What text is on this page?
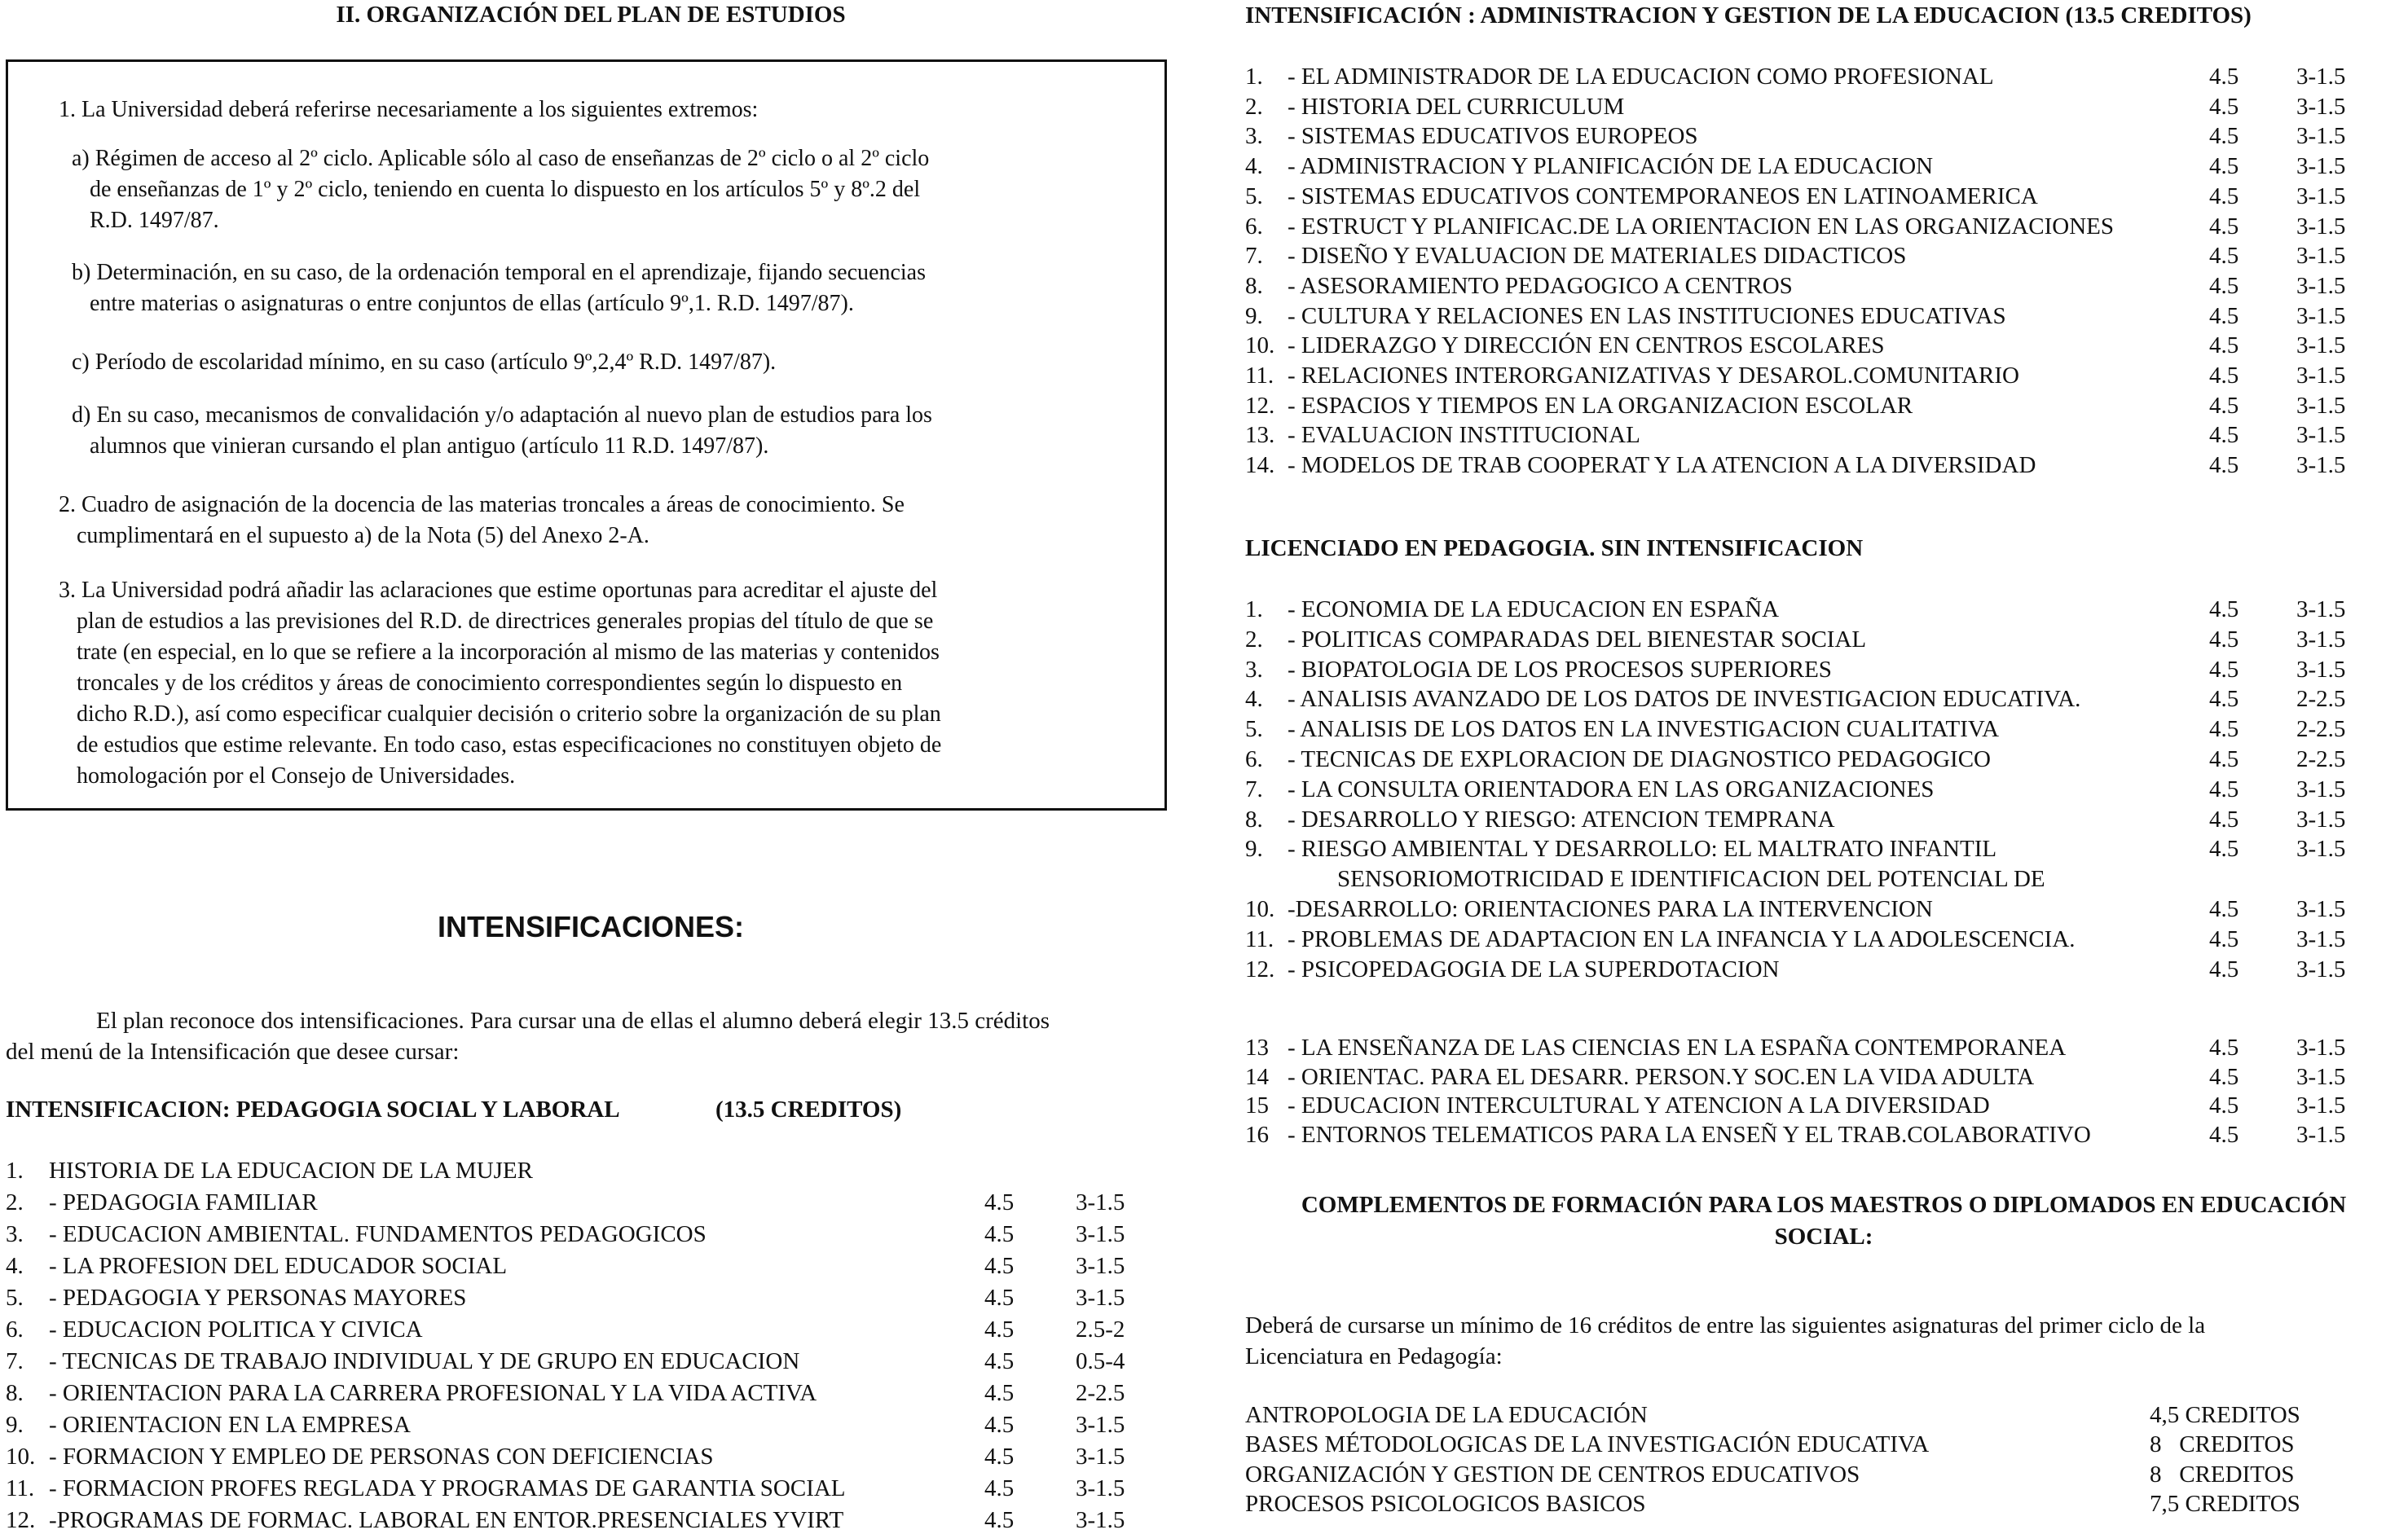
II. ORGANIZACIÓN DEL PLAN DE ESTUDIOS

1. La Universidad deberá referirse necesariamente a los siguientes extremos:

a) Régimen de acceso al 2º ciclo. Aplicable sólo al caso de enseñanzas de 2º ciclo o al 2º ciclo

de enseñanzas de 1º y 2º ciclo, teniendo en cuenta lo dispuesto en los artículos 5º y 8º.2 del

R.D. 1497/87.

b) Determinación, en su caso, de la ordenación temporal en el aprendizaje, fijando secuencias

entre materias o asignaturas o entre conjuntos de ellas (artículo 9º,1. R.D. 1497/87).

c) Período de escolaridad mínimo, en su caso (artículo 9º,2,4º R.D. 1497/87).

d) En su caso, mecanismos de convalidación y/o adaptación al nuevo plan de estudios para los

alumnos que vinieran cursando el plan antiguo (artículo 11 R.D. 1497/87).

2. Cuadro de asignación de la docencia de las materias troncales a áreas de conocimiento. Se

cumplimentará en el supuesto a) de la Nota (5) del Anexo 2-A.

3. La Universidad podrá añadir las aclaraciones que estime oportunas para acreditar el ajuste del

plan de estudios a las previsiones del R.D. de directrices generales propias del título de que se

trate (en especial, en lo que se refiere a la incorporación al mismo de las materias y contenidos

troncales y de los créditos y áreas de conocimiento correspondientes según lo dispuesto en

dicho R.D.), así como especificar cualquier decisión o criterio sobre la organización de su plan

de estudios que estime relevante. En todo caso, estas especificaciones no constituyen objeto de

homologación por el Consejo de Universidades.

INTENSIFICACIONES:
El plan reconoce dos intensificaciones. Para cursar una de ellas el alumno deberá elegir 13.5 créditos
del menú de la Intensificación que desee cursar:
INTENSIFICACION: PEDAGOGIA SOCIAL Y LABORAL	(13.5 CREDITOS)
1. HISTORIA DE LA EDUCACION DE LA MUJER
2. - PEDAGOGIA FAMILIAR	4.5	3-1.5
3. - EDUCACION AMBIENTAL. FUNDAMENTOS PEDAGOGICOS	4.5	3-1.5
4. - LA PROFESION DEL EDUCADOR SOCIAL	4.5	3-1.5
5. - PEDAGOGIA Y PERSONAS MAYORES	4.5	3-1.5
6. - EDUCACION POLITICA Y CIVICA	4.5	2.5-2
7. - TECNICAS DE TRABAJO INDIVIDUAL Y DE GRUPO EN EDUCACION	4.5	0.5-4
8. - ORIENTACION PARA LA CARRERA PROFESIONAL Y LA VIDA ACTIVA	4.5	2-2.5
9. - ORIENTACION EN LA EMPRESA	4.5	3-1.5
10. - FORMACION Y EMPLEO DE PERSONAS CON DEFICIENCIAS	4.5	3-1.5
11. - FORMACION PROFES REGLADA Y PROGRAMAS DE GARANTIA SOCIAL	4.5	3-1.5
12. -PROGRAMAS DE FORMAC. LABORAL EN ENTOR.PRESENCIALES YVIRT	4.5	3-1.5
INTENSIFICACIÓN : ADMINISTRACION Y GESTION DE LA EDUCACION (13.5 CREDITOS)
1. - EL ADMINISTRADOR DE LA EDUCACION COMO PROFESIONAL	4.5 3-1.5
2. - HISTORIA DEL CURRICULUM	4.5 3-1.5
3. - SISTEMAS EDUCATIVOS EUROPEOS	4.5 3-1.5
4. - ADMINISTRACION Y PLANIFICACIÓN DE LA EDUCACION	4.5 3-1.5
5. - SISTEMAS EDUCATIVOS CONTEMPORANEOS EN LATINOAMERICA	4.5 3-1.5
6. - ESTRUCT Y PLANIFICAC.DE LA ORIENTACION EN LAS ORGANIZACIONES	4.5 3-1.5
7. - DISEÑO Y EVALUACION DE MATERIALES DIDACTICOS	4.5 3-1.5
8. - ASESORAMIENTO PEDAGOGICO A CENTROS	4.5 3-1.5
9. - CULTURA Y RELACIONES EN LAS INSTITUCIONES EDUCATIVAS	4.5 3-1.5
10. - LIDERAZGO Y DIRECCIÓN EN CENTROS ESCOLARES	4.5 3-1.5
11. - RELACIONES INTERORGANIZATIVAS Y DESAROL.COMUNITARIO	4.5 3-1.5
12. - ESPACIOS Y TIEMPOS EN LA ORGANIZACION ESCOLAR	4.5 3-1.5
13. - EVALUACION INSTITUCIONAL	4.5 3-1.5
14. - MODELOS DE TRAB COOPERAT Y LA ATENCION A LA DIVERSIDAD	4.5 3-1.5
LICENCIADO EN PEDAGOGIA. SIN INTENSIFICACION
1. - ECONOMIA DE LA EDUCACION EN ESPAÑA	4.5 3-1.5
2. - POLITICAS COMPARADAS DEL BIENESTAR SOCIAL	4.5 3-1.5
3. - BIOPATOLOGIA DE LOS PROCESOS SUPERIORES	4.5 3-1.5
4. - ANALISIS AVANZADO DE LOS DATOS DE INVESTIGACION EDUCATIVA.	4.5 2-2.5
5. - ANALISIS DE LOS DATOS EN LA INVESTIGACION CUALITATIVA	4.5 2-2.5
6. - TECNICAS DE EXPLORACION DE DIAGNOSTICO PEDAGOGICO	4.5 2-2.5
7. - LA CONSULTA ORIENTADORA EN LAS ORGANIZACIONES	4.5 3-1.5
8. - DESARROLLO Y RIESGO: ATENCION TEMPRANA	4.5 3-1.5
9. - RIESGO AMBIENTAL Y DESARROLLO: EL MALTRATO INFANTIL	4.5 3-1.5
SENSORIOMOTRICIDAD E IDENTIFICACION DEL POTENCIAL DE
10. -DESARROLLO: ORIENTACIONES PARA LA INTERVENCION	4.5 3-1.5
11. - PROBLEMAS DE ADAPTACION EN LA INFANCIA Y LA ADOLESCENCIA.	4.5 3-1.5
12. - PSICOPEDAGOGIA DE LA SUPERDOTACION	4.5 3-1.5
13 - LA ENSEÑANZA DE LAS CIENCIAS EN LA ESPAÑA CONTEMPORANEA	4.5 3-1.5
14 - ORIENTAC. PARA EL DESARR. PERSON.Y SOC.EN LA VIDA ADULTA	4.5 3-1.5
15 - EDUCACION INTERCULTURAL Y ATENCION A LA DIVERSIDAD	4.5 3-1.5
16 - ENTORNOS TELEMATICOS PARA LA ENSEÑ Y EL TRAB.COLABORATIVO	4.5 3-1.5
COMPLEMENTOS DE FORMACIÓN PARA LOS MAESTROS O DIPLOMADOS EN EDUCACIÓN
SOCIAL:
Deberá de cursarse un mínimo de 16 créditos de entre las siguientes asignaturas del primer ciclo de la
Licenciatura en Pedagogía:
ANTROPOLOGIA DE LA EDUCACIÓN	4,5 CREDITOS
BASES MÉTODOLOGICAS DE LA INVESTIGACIÓN EDUCATIVA	8   CREDITOS
ORGANIZACIÓN Y GESTION DE CENTROS EDUCATIVOS	8   CREDITOS
PROCESOS PSICOLOGICOS BASICOS	7,5 CREDITOS
